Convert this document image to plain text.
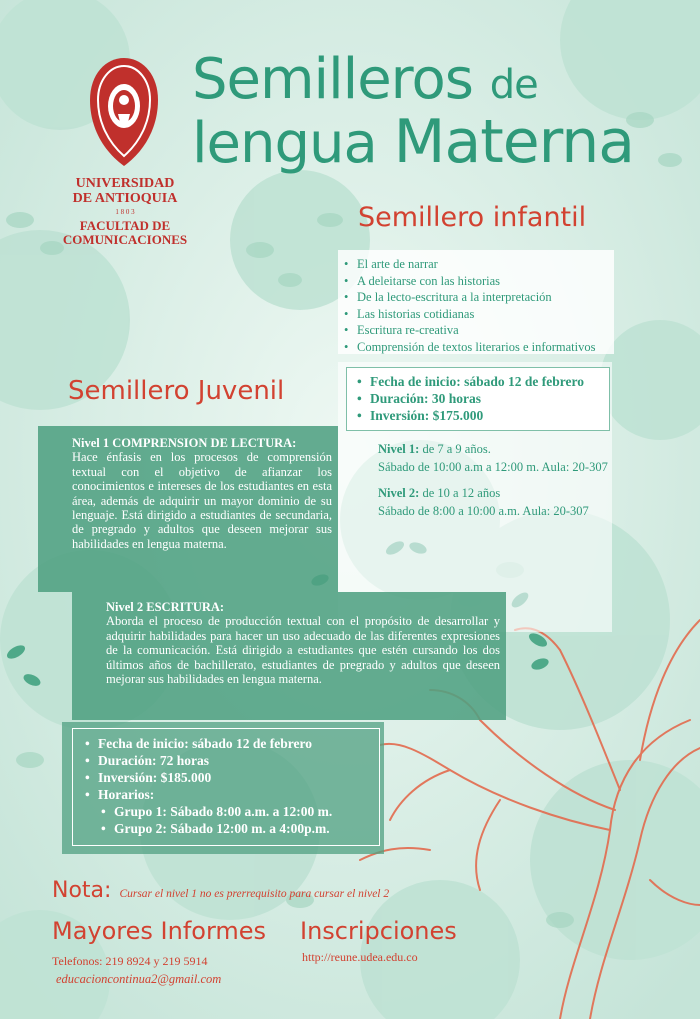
UNIVERSIDAD
DE ANTIOQUIA
1 8 0 3
FACULTAD DE
COMUNICACIONES
Semilleros de
lengua Materna
Semillero infantil
• El arte de narrar
• A deleitarse con las historias
• De la lecto-escritura a la interpretación
• Las historias cotidianas
• Escritura re-creativa
• Comprensión de textos literarios e informativos
• Fecha de inicio: sábado 12 de febrero
• Duración: 30 horas
• Inversión: $175.000
Nivel 1: de 7 a 9 años.
Sábado de 10:00 a.m a 12:00 m. Aula: 20-307
Nivel 2: de 10 a 12 años
Sábado de 8:00 a 10:00 a.m. Aula: 20-307
Semillero Juvenil
Nivel 1 COMPRENSION DE LECTURA:
Hace énfasis en los procesos de comprensión textual con el objetivo de afianzar los conocimientos e intereses de los estudiantes en esta área, además de adquirir un mayor dominio de su lenguaje. Está dirigido a estudiantes de secundaria, de pregrado y adultos que deseen mejorar sus habilidades en lengua materna.
Nivel 2 ESCRITURA:
Aborda el proceso de producción textual con el propósito de desarrollar y adquirir habilidades para hacer un uso adecuado de las diferentes expresiones de la comunicación. Está dirigido a estudiantes que estén cursando los dos últimos años de bachillerato, estudiantes de pregrado y adultos que deseen mejorar sus habilidades en lengua materna.
• Fecha de inicio: sábado 12 de febrero
• Duración: 72 horas
• Inversión: $185.000
• Horarios:
• Grupo 1: Sábado 8:00 a.m. a 12:00 m.
• Grupo 2: Sábado 12:00 m. a 4:00p.m.
Nota: Cursar el nivel 1 no es prerrequisito para cursar el nivel 2
Mayores Informes Inscripciones
Telefonos: 219 8924 y 219 5914
educacioncontinua2@gmail.com
http://reune.udea.edu.co
